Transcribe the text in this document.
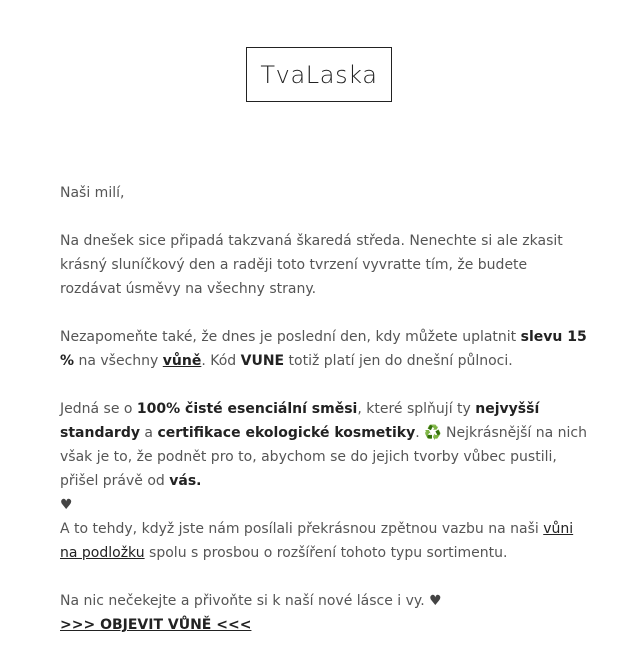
TvaLaska

Naši milí,

Na dnešek sice připadá takzvaná škaredá středa. Nenechte si ale zkasit krásný sluníčkový den a raději toto tvrzení vyvratte tím, že budete rozdávat úsměvy na všechny strany.

Nezapomeňte také, že dnes je poslední den, kdy můžete uplatnit slevu 15 % na všechny vůně. Kód VUNE totiž platí jen do dnešní půlnoci.

Jedná se o 100% čisté esenciální směsi, které splňují ty nejvyšší standardy a certifikace ekologické kosmetiky. ♻️ Nejkrásnější na nich však je to, že podnět pro to, abychom se do jejich tvorby vůbec pustili, přišel právě od vás.
♥
A to tehdy, když jste nám posílali překrásnou zpětnou vazbu na naši vůni na podložku spolu s prosbou o rozšíření tohoto typu sortimentu.

Na nic nečekejte a přivoňte si k naší nové lásce i vy. ♥
>>> OBJEVIT VŮNĚ <<<
